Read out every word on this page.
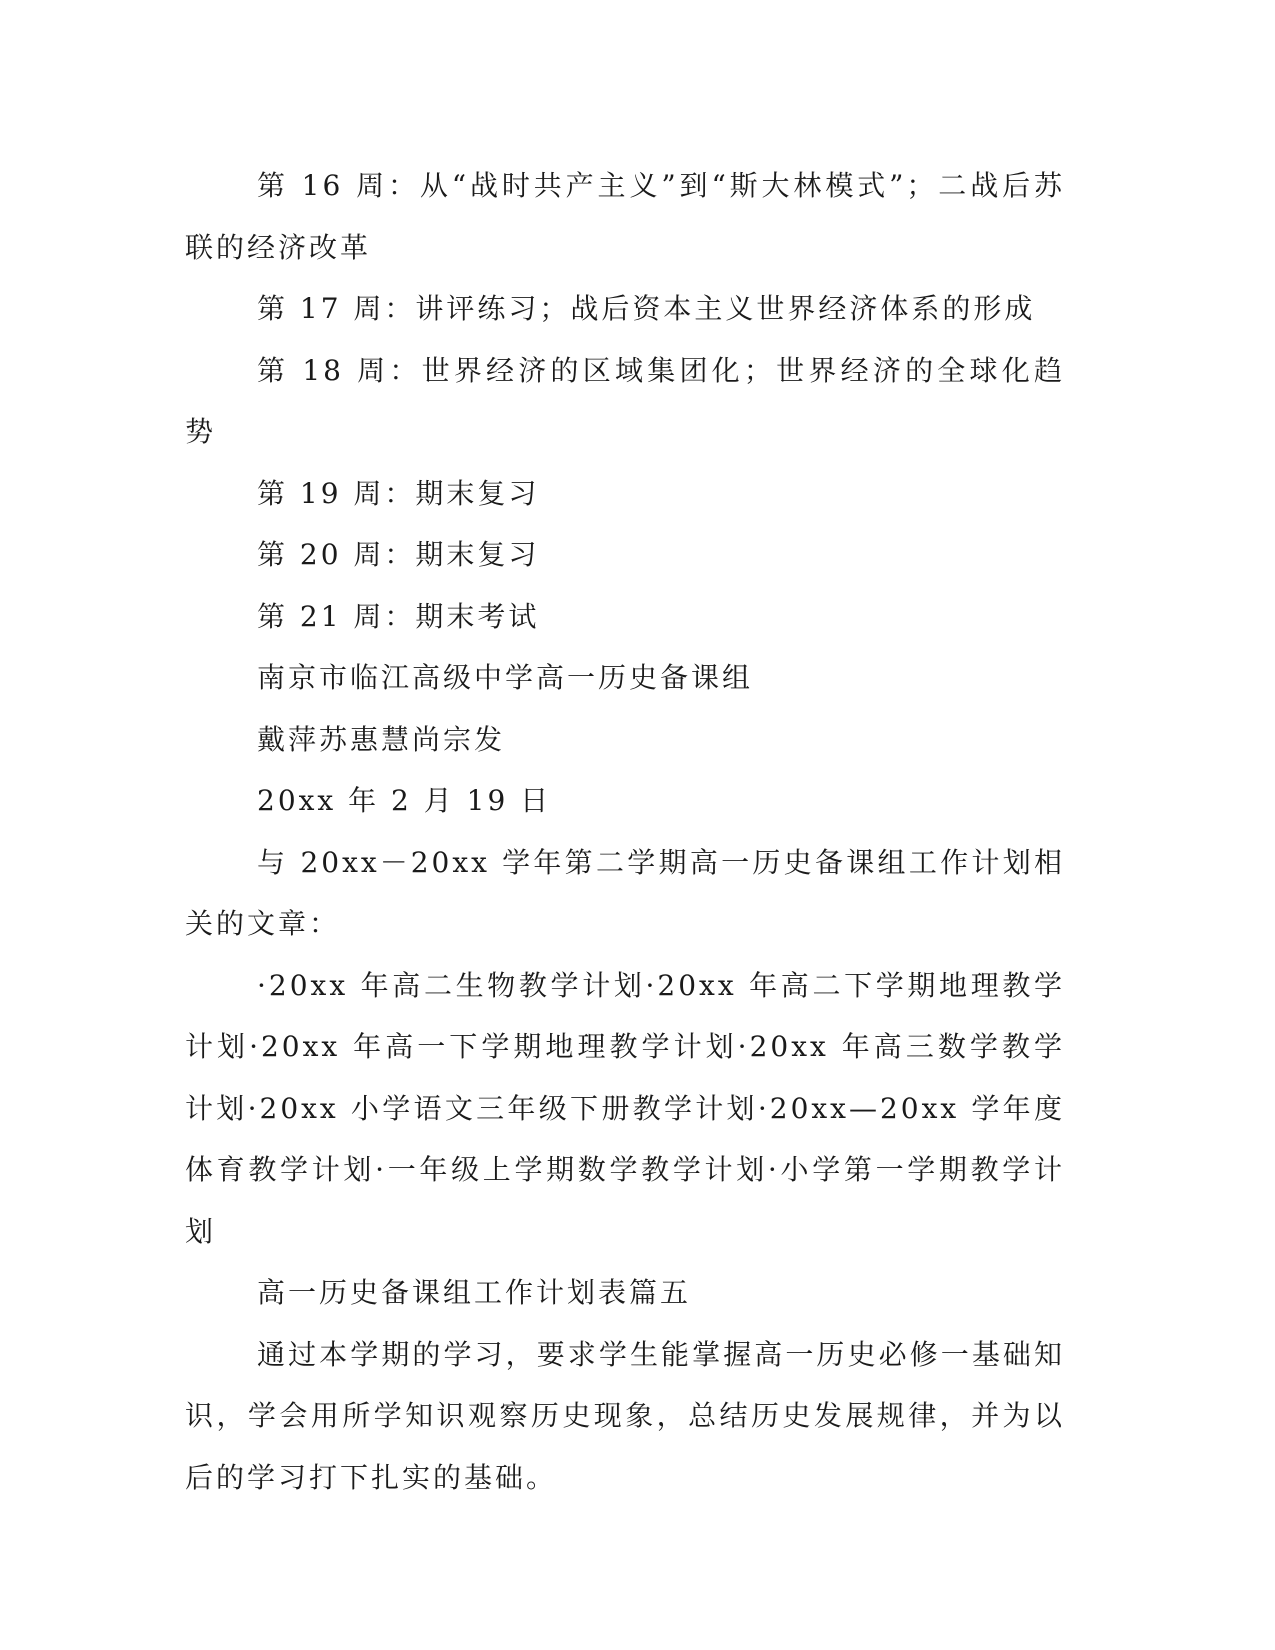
第 16 周：从“战时共产主义”到“斯大林模式”；二战后苏联的经济改革

第 17 周：讲评练习；战后资本主义世界经济体系的形成

第 18 周：世界经济的区域集团化；世界经济的全球化趋势

第 19 周：期末复习

第 20 周：期末复习

第 21 周：期末考试

南京市临江高级中学高一历史备课组

戴萍苏惠慧尚宗发

20xx 年 2 月 19 日

与 20xx－20xx 学年第二学期高一历史备课组工作计划相关的文章：

·20xx 年高二生物教学计划·20xx 年高二下学期地理教学计划·20xx 年高一下学期地理教学计划·20xx 年高三数学教学计划·20xx 小学语文三年级下册教学计划·20xx—20xx 学年度体育教学计划·一年级上学期数学教学计划·小学第一学期教学计划

高一历史备课组工作计划表篇五

通过本学期的学习，要求学生能掌握高一历史必修一基础知识，学会用所学知识观察历史现象，总结历史发展规律，并为以后的学习打下扎实的基础。
